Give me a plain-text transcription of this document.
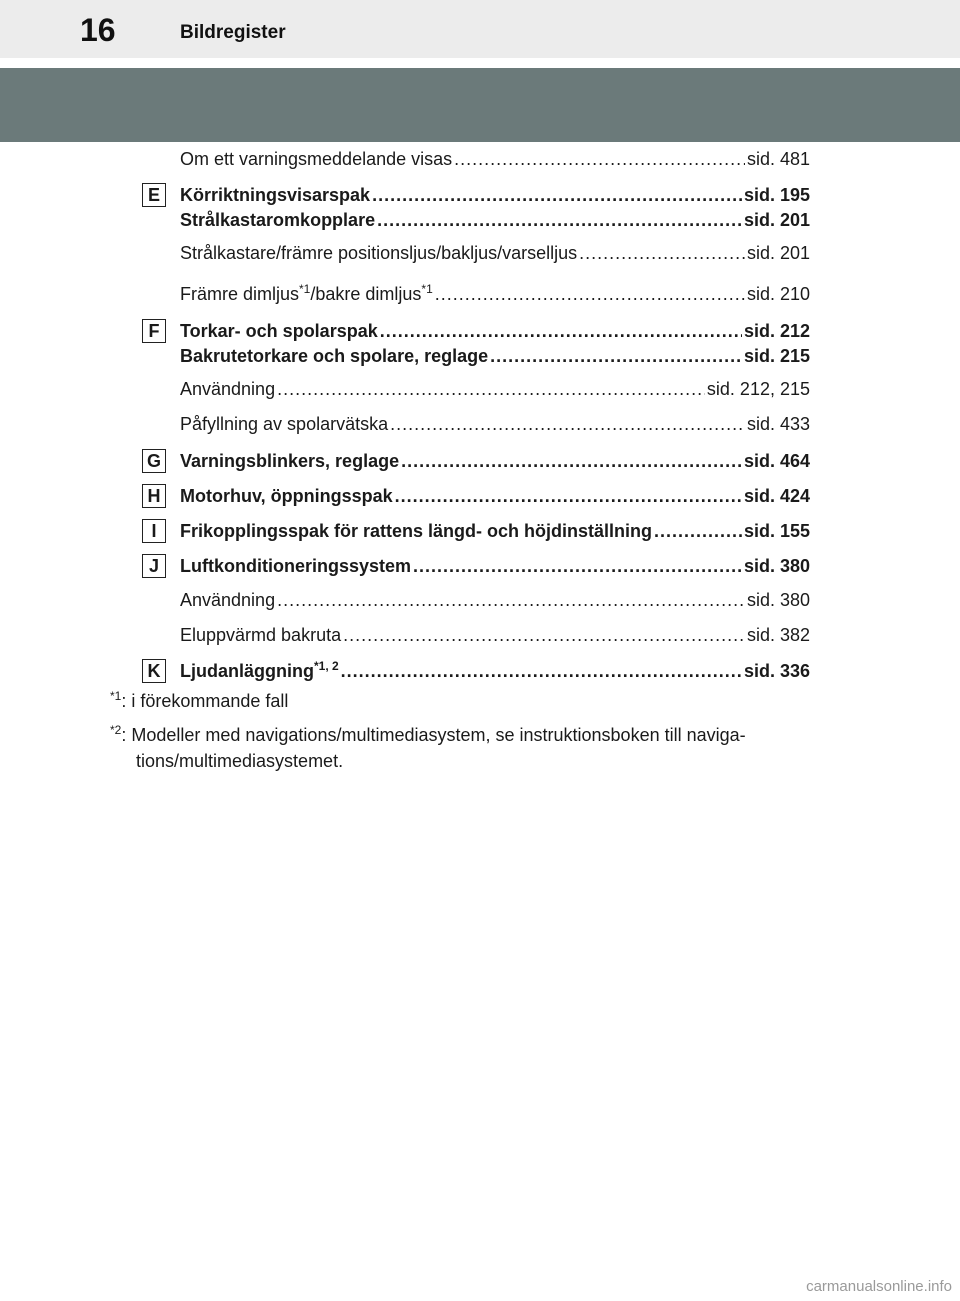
16	Bildregister
Om ett varningsmeddelande visas .....	sid. 481
E	Körriktningsvisarspak .....	sid. 195
Strålkastaromkopplare .....	sid. 201
Strålkastare/främre positionsljus/bakljus/varselljus .....	sid. 201
Främre dimljus$^{*1}$/bakre dimljus$^{*1}$ .....	sid. 210
F	Torkar- och spolarspak .....	sid. 212
Bakrutetorkare och spolare, reglage .....	sid. 215
Användning .....	sid. 212, 215
Påfyllning av spolarvätska .....	sid. 433
G Varningsblinkers, reglage .....	sid. 464
H	Motorhuv, öppningsspak .....	sid. 424
I	Frikopplingsspak för rattens längd- och höjdinställning .....	sid. 155
J	Luftkonditioneringssystem .....	sid. 380
Användning .....	sid. 380
Eluppvärmd bakruta .....	sid. 382
K	Ljudanläggning$^{*1, 2}$ .....	sid. 336
$^{*1}$: i förekommande fall
$^{*2}$: Modeller med navigations/multimediasystem, se instruktionsboken till naviga-
tions/multimediasystemet.
carmanualsonline.info
